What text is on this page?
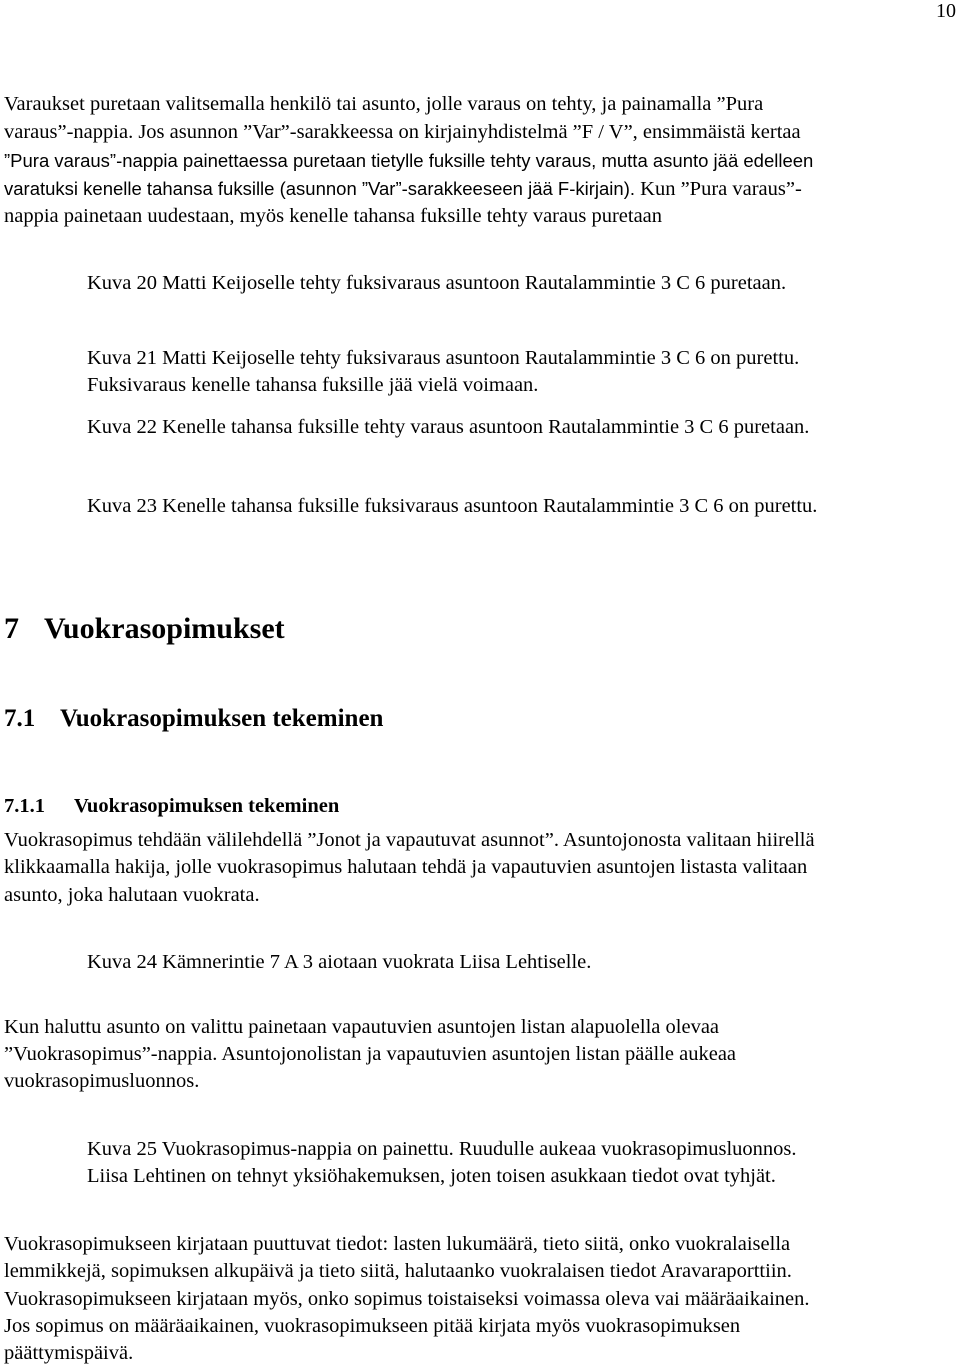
10
Varaukset puretaan valitsemalla henkilö tai asunto, jolle varaus on tehty, ja painamalla ”Pura
varaus”-nappia. Jos asunnon ”Var”-sarakkeessa on kirjainyhdistelmä ”F / V”, ensimmäistä kertaa
”Pura varaus”-nappia painettaessa puretaan tietylle fuksille tehty varaus, mutta asunto jää edelleen
varatuksi kenelle tahansa fuksille (asunnon ”Var”-sarakkeeseen jää F-kirjain). Kun ”Pura varaus”-
nappia painetaan uudestaan, myös kenelle tahansa fuksille tehty varaus puretaan
Kuva 20 Matti Keijoselle tehty fuksivaraus asuntoon Rautalammintie 3 C 6 puretaan.
Kuva 21 Matti Keijoselle tehty fuksivaraus asuntoon Rautalammintie 3 C 6 on purettu.
Fuksivaraus kenelle tahansa fuksille jää vielä voimaan.
Kuva 22 Kenelle tahansa fuksille tehty varaus asuntoon Rautalammintie 3 C 6 puretaan.
Kuva 23 Kenelle tahansa fuksille fuksivaraus asuntoon Rautalammintie 3 C 6 on purettu.
7 Vuokrasopimukset
7.1 Vuokrasopimuksen tekeminen
7.1.1 Vuokrasopimuksen tekeminen
Vuokrasopimus tehdään välilehdellä ”Jonot ja vapautuvat asunnot”. Asuntojonosta valitaan hiirellä
klikkaamalla hakija, jolle vuokrasopimus halutaan tehdä ja vapautuvien asuntojen listasta valitaan
asunto, joka halutaan vuokrata.
Kuva 24 Kämnerintie 7 A 3 aiotaan vuokrata Liisa Lehtiselle.
Kun haluttu asunto on valittu painetaan vapautuvien asuntojen listan alapuolella olevaa
”Vuokrasopimus”-nappia. Asuntojonolistan ja vapautuvien asuntojen listan päälle aukeaa
vuokrasopimusluonnos.
Kuva 25 Vuokrasopimus-nappia on painettu. Ruudulle aukeaa vuokrasopimusluonnos.
Liisa Lehtinen on tehnyt yksiöhakemuksen, joten toisen asukkaan tiedot ovat tyhjät.
Vuokrasopimukseen kirjataan puuttuvat tiedot: lasten lukumäärä, tieto siitä, onko vuokralaisella
lemmikkejä, sopimuksen alkupäivä ja tieto siitä, halutaanko vuokralaisen tiedot Aravaraporttiin.
Vuokrasopimukseen kirjataan myös, onko sopimus toistaiseksi voimassa oleva vai määräaikainen.
Jos sopimus on määräaikainen, vuokrasopimukseen pitää kirjata myös vuokrasopimuksen
päättymispäivä.
